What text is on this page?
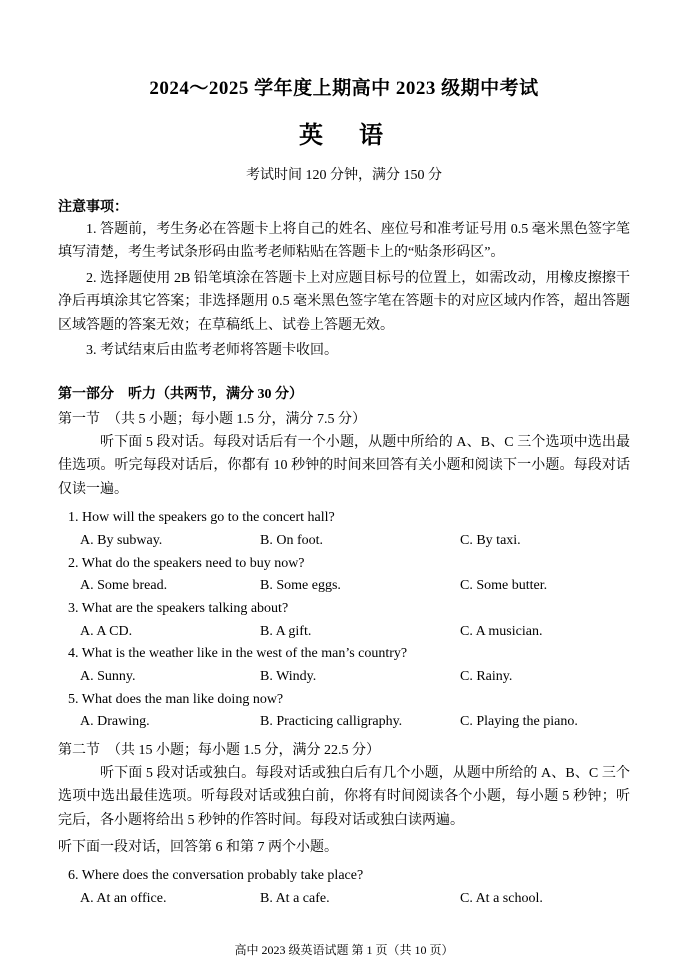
2024～2025 学年度上期高中 2023 级期中考试
英　语

考试时间 120 分钟，满分 150 分

注意事项：

1. 答题前，考生务必在答题卡上将自己的姓名、座位号和准考证号用 0.5 毫米黑色签字笔填写清楚，考生考试条形码由监考老师粘贴在答题卡上的“贴条形码区”。

2. 选择题使用 2B 铅笔填涂在答题卡上对应题目标号的位置上，如需改动，用橡皮擦擦干净后再填涂其它答案；非选择题用 0.5 毫米黑色签字笔在答题卡的对应区域内作答，超出答题区域答题的答案无效；在草稿纸上、试卷上答题无效。

3. 考试结束后由监考老师将答题卡收回。

第一部分　听力（共两节，满分 30 分）

第一节　（共 5 小题；每小题 1.5 分，满分 7.5 分）

听下面 5 段对话。每段对话后有一个小题，从题中所给的 A、B、C 三个选项中选出最佳选项。听完每段对话后，你都有 10 秒钟的时间来回答有关小题和阅读下一小题。每段对话仅读一遍。

1. How will the speakers go to the concert hall?
A. By subway.	B. On foot.	C. By taxi.
2. What do the speakers need to buy now?
A. Some bread.	B. Some eggs.	C. Some butter.
3. What are the speakers talking about?
A. A CD.	B. A gift.	C. A musician.
4. What is the weather like in the west of the man’s country?
A. Sunny.	B. Windy.	C. Rainy.
5. What does the man like doing now?
A. Drawing.	B. Practicing calligraphy.	C. Playing the piano.

第二节　（共 15 小题；每小题 1.5 分，满分 22.5 分）

听下面 5 段对话或独白。每段对话或独白后有几个小题，从题中所给的 A、B、C 三个选项中选出最佳选项。听每段对话或独白前，你将有时间阅读各个小题，每小题 5 秒钟；听完后，各小题将给出 5 秒钟的作答时间。每段对话或独白读两遍。

听下面一段对话，回答第 6 和第 7 两个小题。

6. Where does the conversation probably take place?
A. At an office.	B. At a cafe.	C. At a school.
高中 2023 级英语试题 第 1 页（共 10 页）
